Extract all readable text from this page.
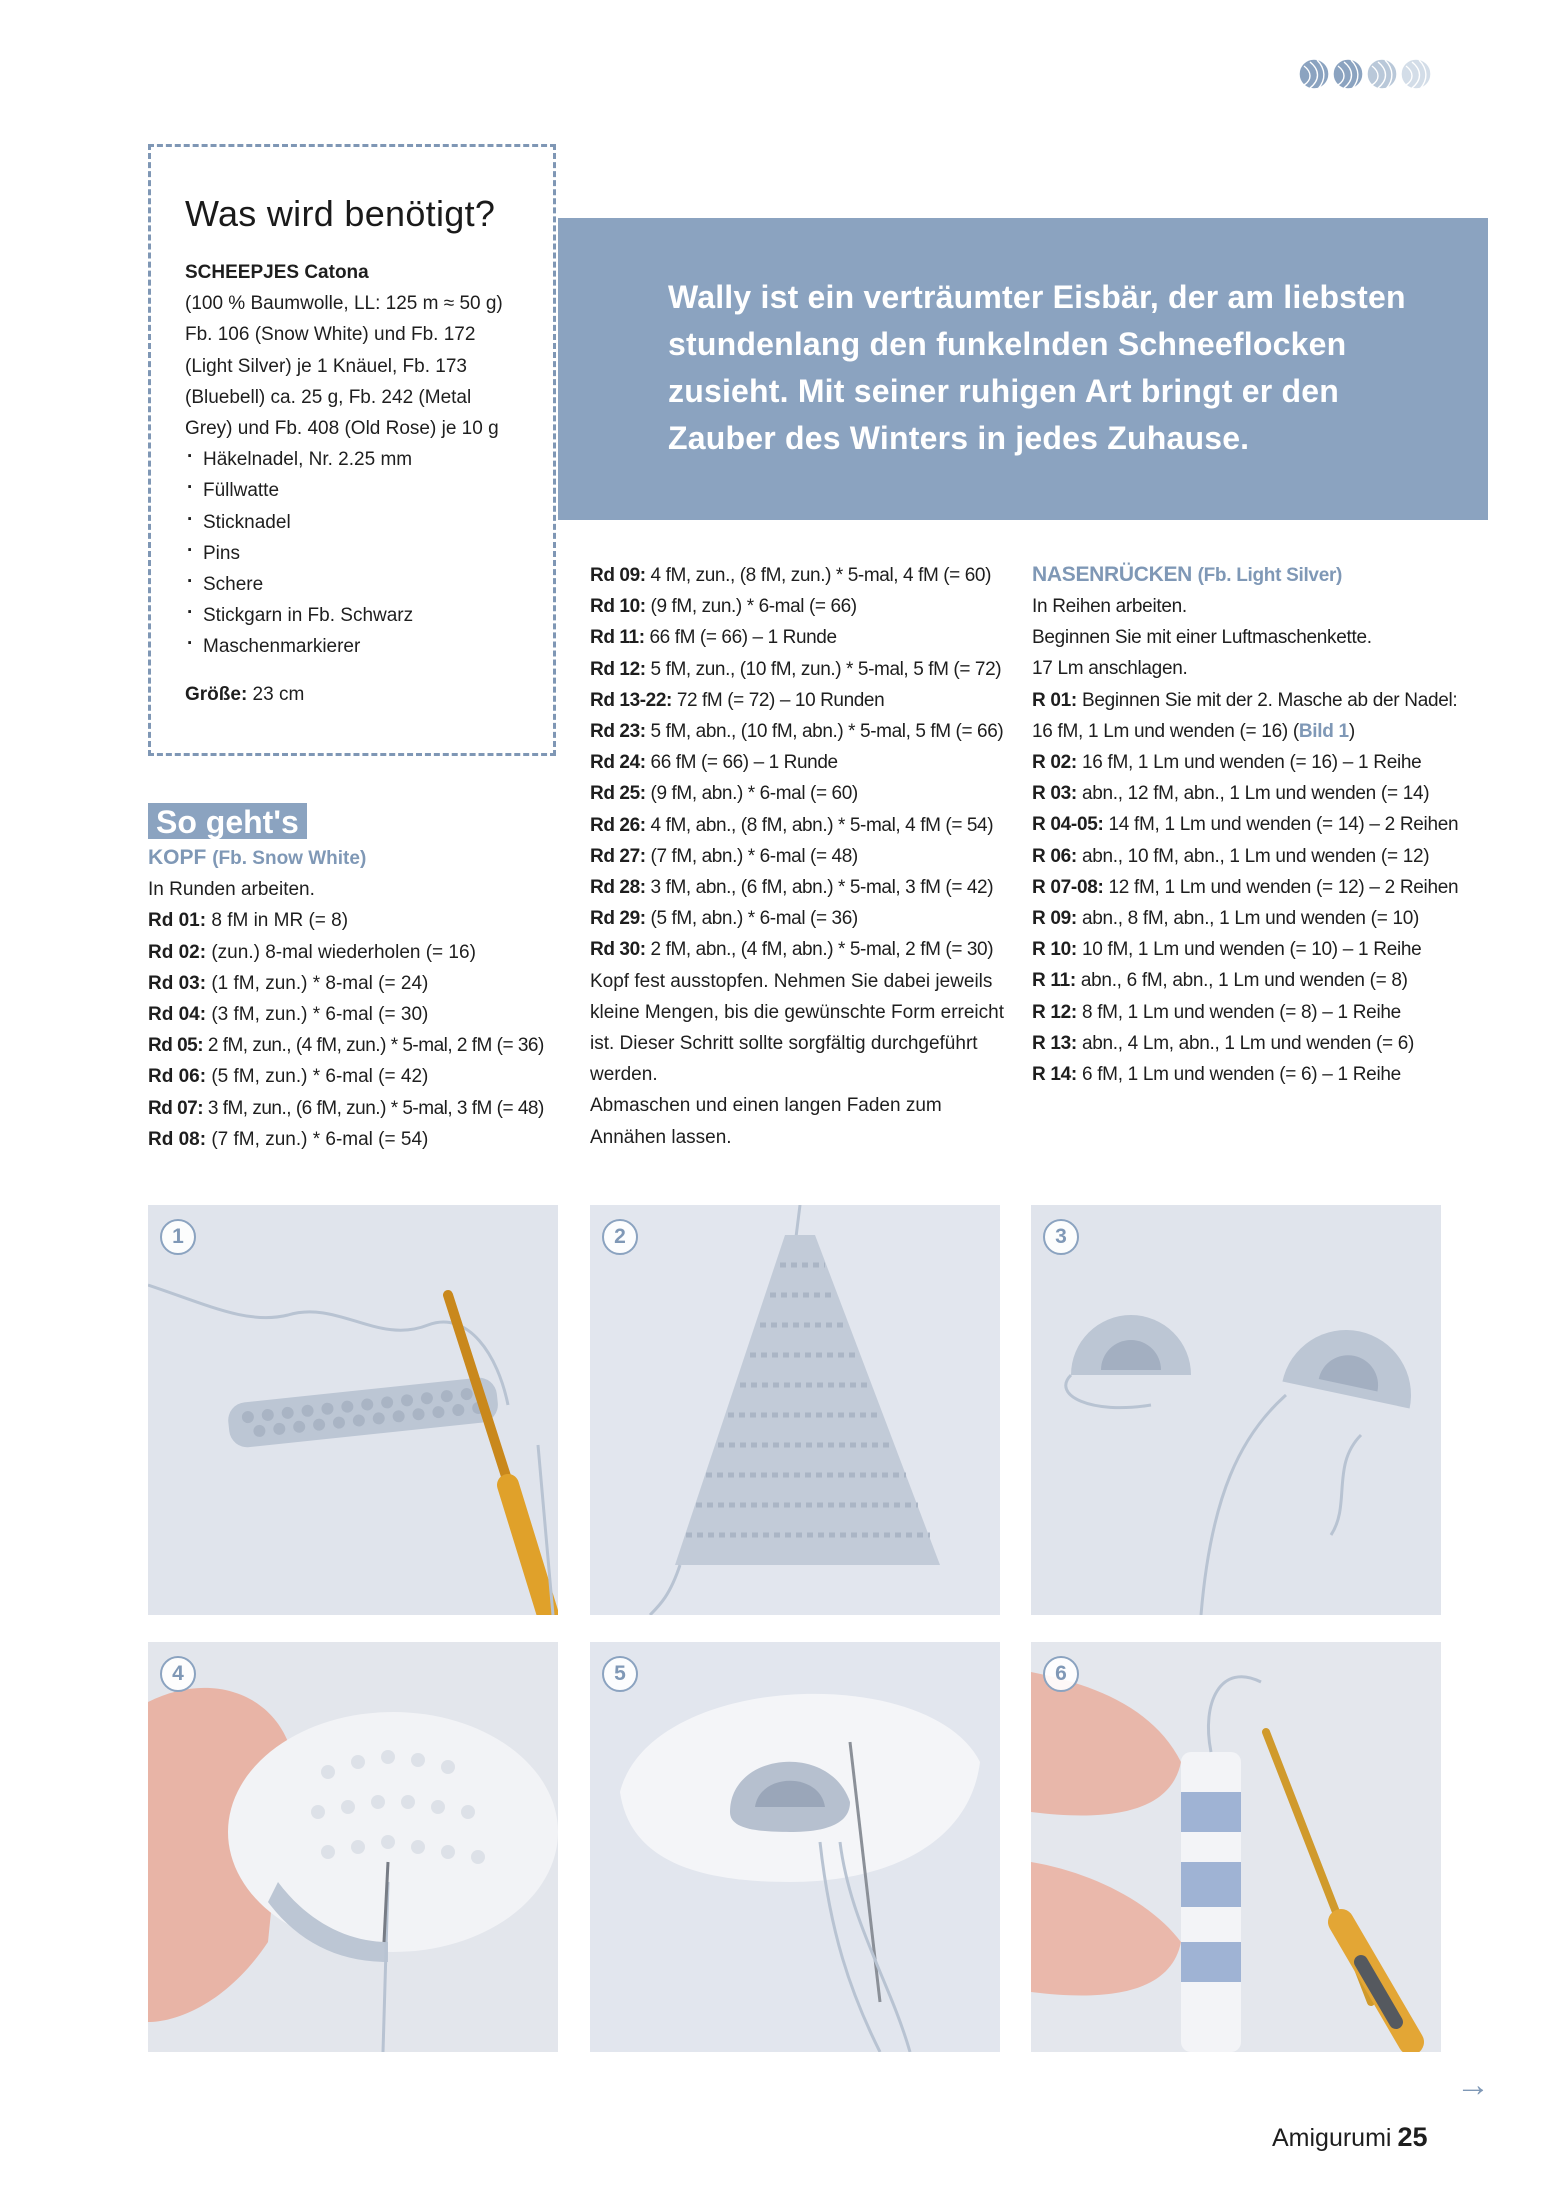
Was wird benötigt?
SCHEEPJES Catona
(100 % Baumwolle, LL: 125 m ≈ 50 g)
Fb. 106 (Snow White) und Fb. 172
(Light Silver) je 1 Knäuel, Fb. 173
(Bluebell) ca. 25 g, Fb. 242 (Metal
Grey) und Fb. 408 (Old Rose) je 10 g
· Häkelnadel, Nr. 2.25 mm
· Füllwatte
· Sticknadel
· Pins
· Schere
· Stickgarn in Fb. Schwarz
· Maschenmarkierer
Größe: 23 cm

Wally ist ein verträumter Eisbär, der am liebsten stundenlang den funkelnden Schneeflocken zusieht. Mit seiner ruhigen Art bringt er den Zauber des Winters in jedes Zuhause.

So geht's
KOPF (Fb. Snow White)
In Runden arbeiten.
Rd 01: 8 fM in MR (= 8)
Rd 02: (zun.) 8-mal wiederholen (= 16)
Rd 03: (1 fM, zun.) * 8-mal (= 24)
Rd 04: (3 fM, zun.) * 6-mal (= 30)
Rd 05: 2 fM, zun., (4 fM, zun.) * 5-mal, 2 fM (= 36)
Rd 06: (5 fM, zun.) * 6-mal (= 42)
Rd 07: 3 fM, zun., (6 fM, zun.) * 5-mal, 3 fM (= 48)
Rd 08: (7 fM, zun.) * 6-mal (= 54)
Rd 09: 4 fM, zun., (8 fM, zun.) * 5-mal, 4 fM (= 60)
Rd 10: (9 fM, zun.) * 6-mal (= 66)
Rd 11: 66 fM (= 66) – 1 Runde
Rd 12: 5 fM, zun., (10 fM, zun.) * 5-mal, 5 fM (= 72)
Rd 13-22: 72 fM (= 72) – 10 Runden
Rd 23: 5 fM, abn., (10 fM, abn.) * 5-mal, 5 fM (= 66)
Rd 24: 66 fM (= 66) – 1 Runde
Rd 25: (9 fM, abn.) * 6-mal (= 60)
Rd 26: 4 fM, abn., (8 fM, abn.) * 5-mal, 4 fM (= 54)
Rd 27: (7 fM, abn.) * 6-mal (= 48)
Rd 28: 3 fM, abn., (6 fM, abn.) * 5-mal, 3 fM (= 42)
Rd 29: (5 fM, abn.) * 6-mal (= 36)
Rd 30: 2 fM, abn., (4 fM, abn.) * 5-mal, 2 fM (= 30)

Kopf fest ausstopfen. Nehmen Sie dabei jeweils kleine Mengen, bis die gewünschte Form erreicht ist. Dieser Schritt sollte sorgfältig durchgeführt werden.

Abmaschen und einen langen Faden zum Annähen lassen.

NASENRÜCKEN (Fb. Light Silver)
In Reihen arbeiten.
Beginnen Sie mit einer Luftmaschenkette.
17 Lm anschlagen.
R 01: Beginnen Sie mit der 2. Masche ab der Nadel: 16 fM, 1 Lm und wenden (= 16) (Bild 1)
R 02: 16 fM, 1 Lm und wenden (= 16) – 1 Reihe
R 03: abn., 12 fM, abn., 1 Lm und wenden (= 14)
R 04-05: 14 fM, 1 Lm und wenden (= 14) – 2 Reihen
R 06: abn., 10 fM, abn., 1 Lm und wenden (= 12)
R 07-08: 12 fM, 1 Lm und wenden (= 12) – 2 Reihen
R 09: abn., 8 fM, abn., 1 Lm und wenden (= 10)
R 10: 10 fM, 1 Lm und wenden (= 10) – 1 Reihe
R 11: abn., 6 fM, abn., 1 Lm und wenden (= 8)
R 12: 8 fM, 1 Lm und wenden (= 8) – 1 Reihe
R 13: abn., 4 Lm, abn., 1 Lm und wenden (= 6)
R 14: 6 fM, 1 Lm und wenden (= 6) – 1 Reihe
1	2	3
4	5	6
→
Amigurumi 25
